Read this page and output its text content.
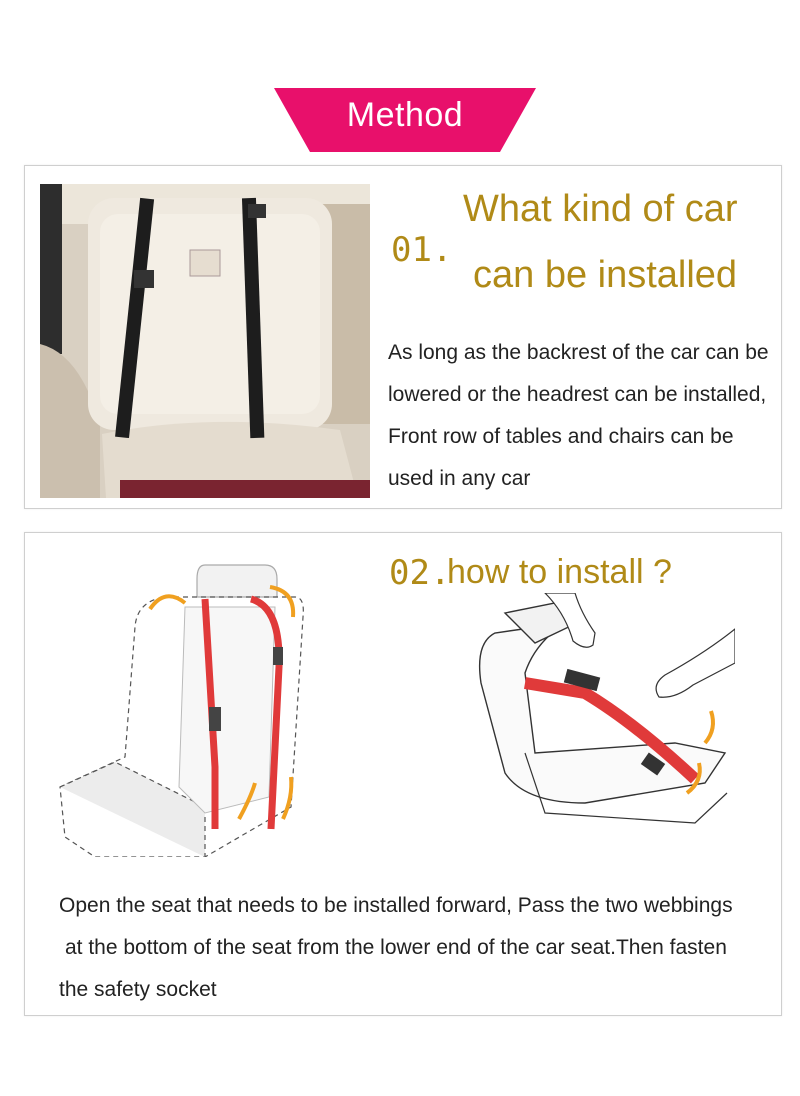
Method
01.
What kind of car
can be installed
As long as the backrest of the car can be
lowered or the headrest can be installed,
Front row of tables and chairs can be
used in any car
02.
how to install ?
Open the seat that needs to be installed forward, Pass the two webbings
at the bottom of the seat from the lower end of the car seat.Then fasten
the safety socket
